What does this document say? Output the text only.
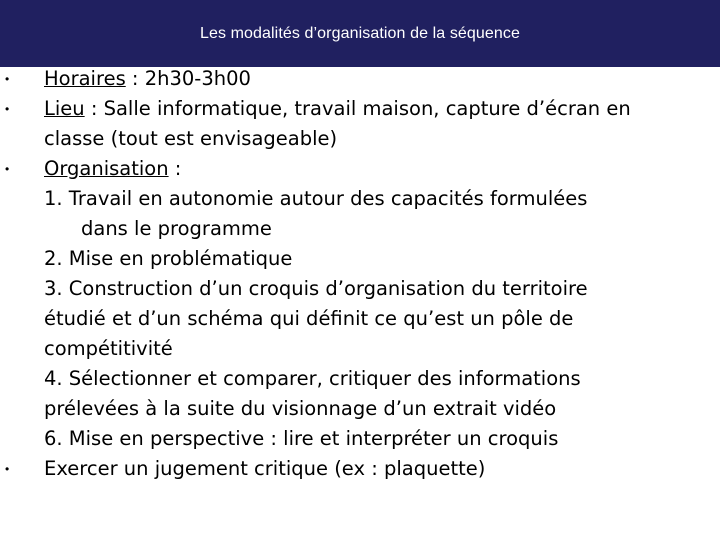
Les modalités d’organisation de la séquence
• Horaires : 2h30-3h00
• Lieu : Salle informatique, travail maison, capture d’écran en
classe (tout est envisageable)
• Organisation :
1. Travail en autonomie autour des capacités formulées
dans le programme
2. Mise en problématique
3. Construction d’un croquis d’organisation du territoire
étudié et d’un schéma qui définit ce qu’est un pôle de
compétitivité
4. Sélectionner et comparer, critiquer des informations
prélevées à la suite du visionnage d’un extrait vidéo
6. Mise en perspective : lire et interpréter un croquis
• Exercer un jugement critique (ex : plaquette)
